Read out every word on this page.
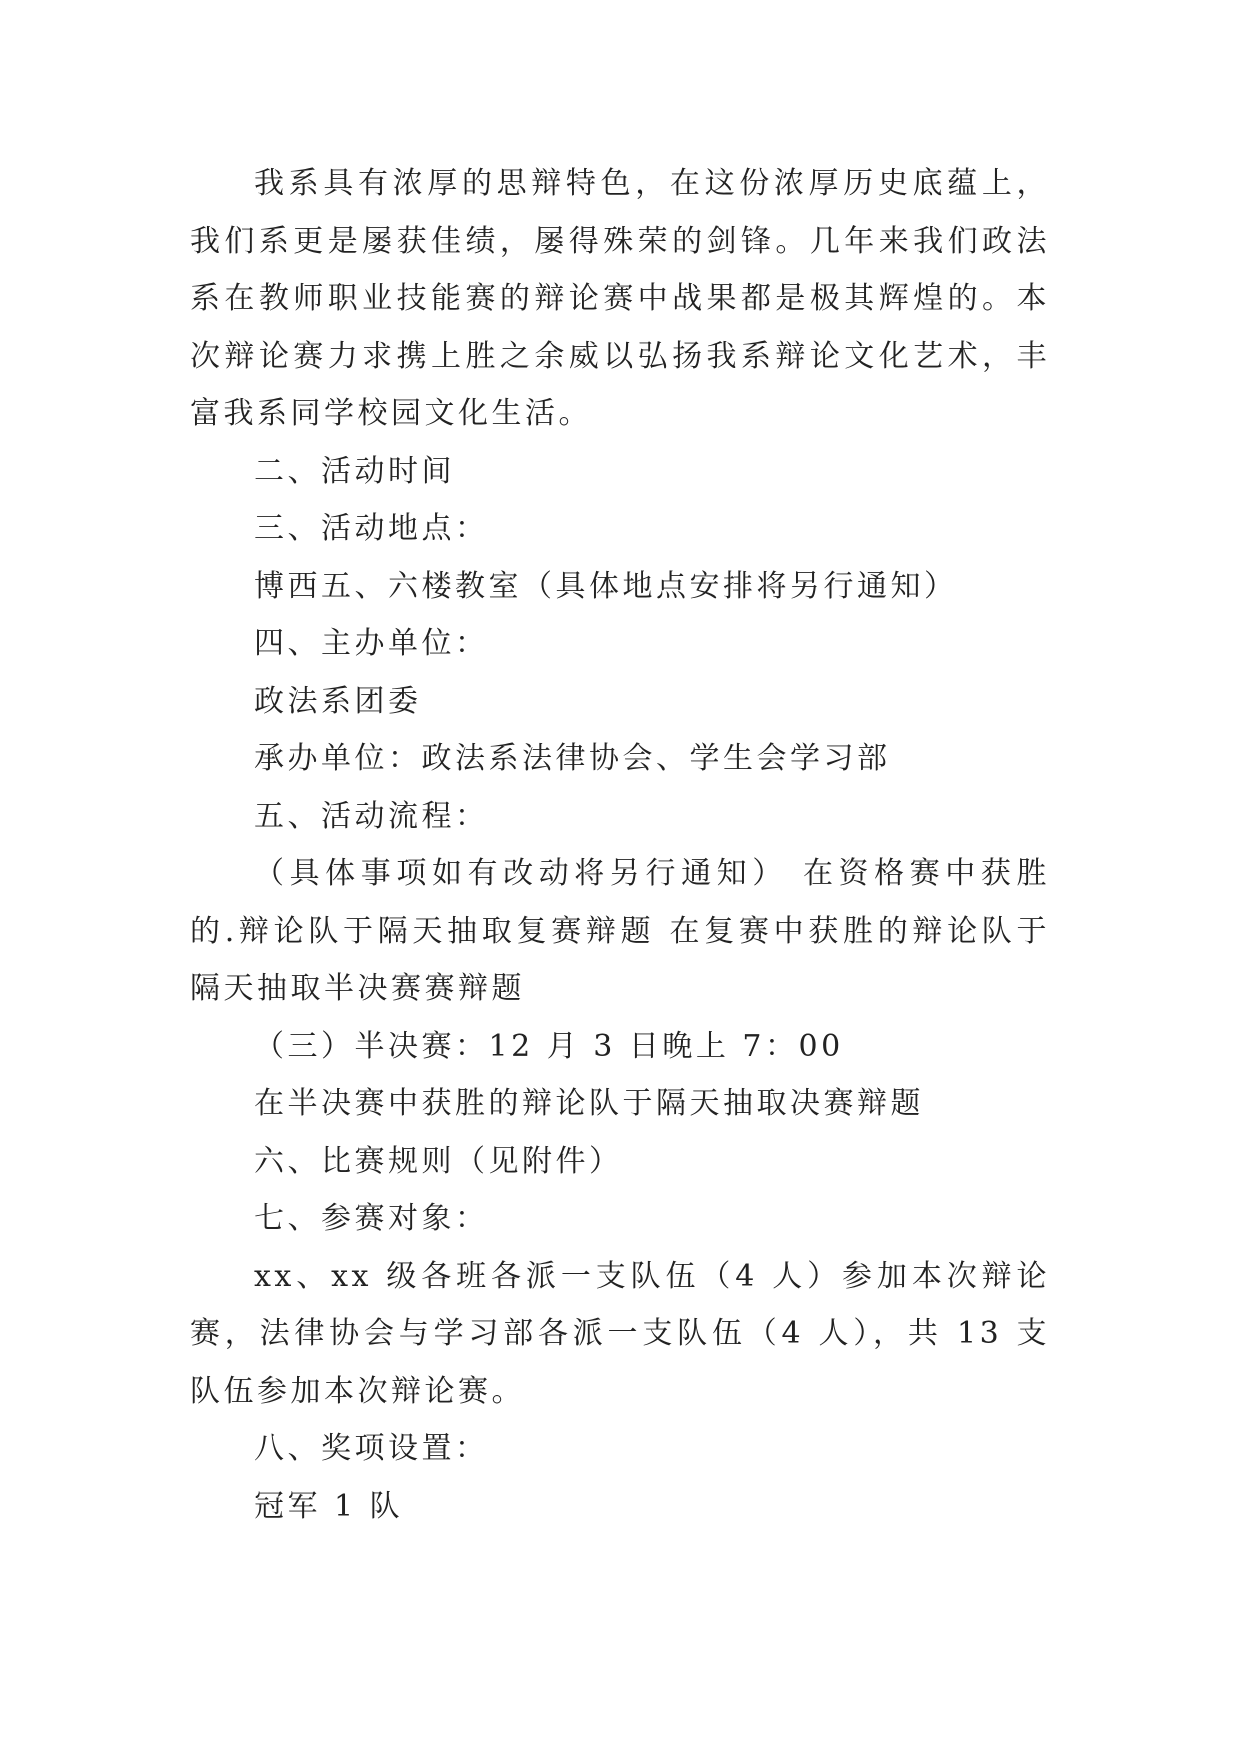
我系具有浓厚的思辩特色，在这份浓厚历史底蕴上，我们系更是屡获佳绩，屡得殊荣的剑锋。几年来我们政法系在教师职业技能赛的辩论赛中战果都是极其辉煌的。本次辩论赛力求携上胜之余威以弘扬我系辩论文化艺术，丰富我系同学校园文化生活。

二、活动时间

三、活动地点：

博西五、六楼教室（具体地点安排将另行通知）

四、主办单位：

政法系团委

承办单位：政法系法律协会、学生会学习部

五、活动流程：

（具体事项如有改动将另行通知） 在资格赛中获胜的.辩论队于隔天抽取复赛辩题 在复赛中获胜的辩论队于隔天抽取半决赛赛辩题

（三）半决赛：12 月 3 日晚上 7：00

在半决赛中获胜的辩论队于隔天抽取决赛辩题

六、比赛规则（见附件）

七、参赛对象：

xx、xx 级各班各派一支队伍（4 人）参加本次辩论赛，法律协会与学习部各派一支队伍（4 人），共 13 支队伍参加本次辩论赛。

八、奖项设置：

冠军 1 队
